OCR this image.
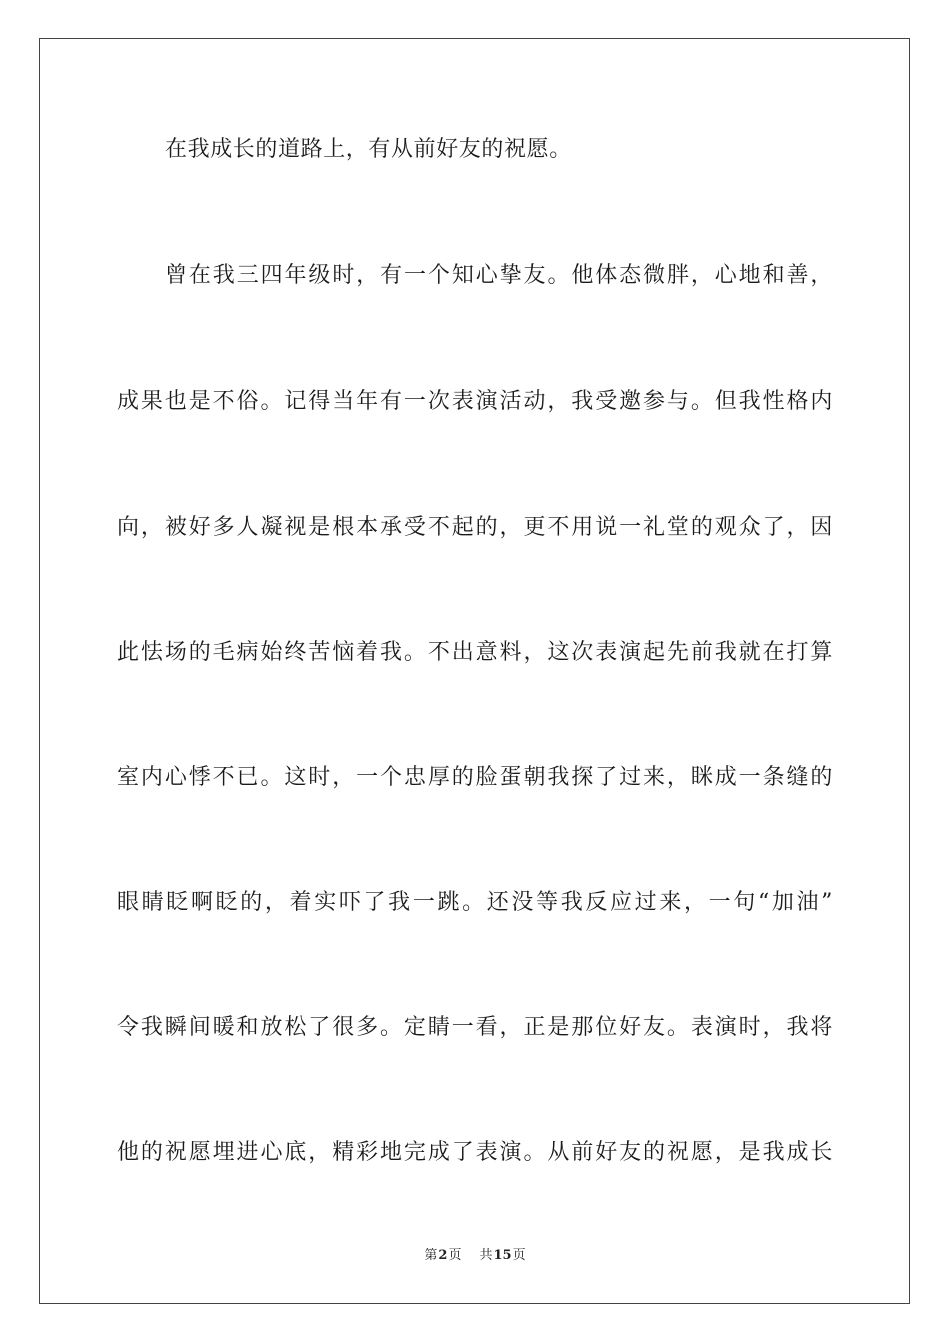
在我成长的道路上，有从前好友的祝愿。
曾在我三四年级时，有一个知心挚友。他体态微胖，心地和善，
成果也是不俗。记得当年有一次表演活动，我受邀参与。但我性格内
向，被好多人凝视是根本承受不起的，更不用说一礼堂的观众了，因
此怯场的毛病始终苦恼着我。不出意料，这次表演起先前我就在打算
室内心悸不已。这时，一个忠厚的脸蛋朝我探了过来，眯成一条缝的
眼睛眨啊眨的，着实吓了我一跳。还没等我反应过来，一句“加油”
令我瞬间暖和放松了很多。定睛一看，正是那位好友。表演时，我将
他的祝愿埋进心底，精彩地完成了表演。从前好友的祝愿，是我成长
第2页 共15页
